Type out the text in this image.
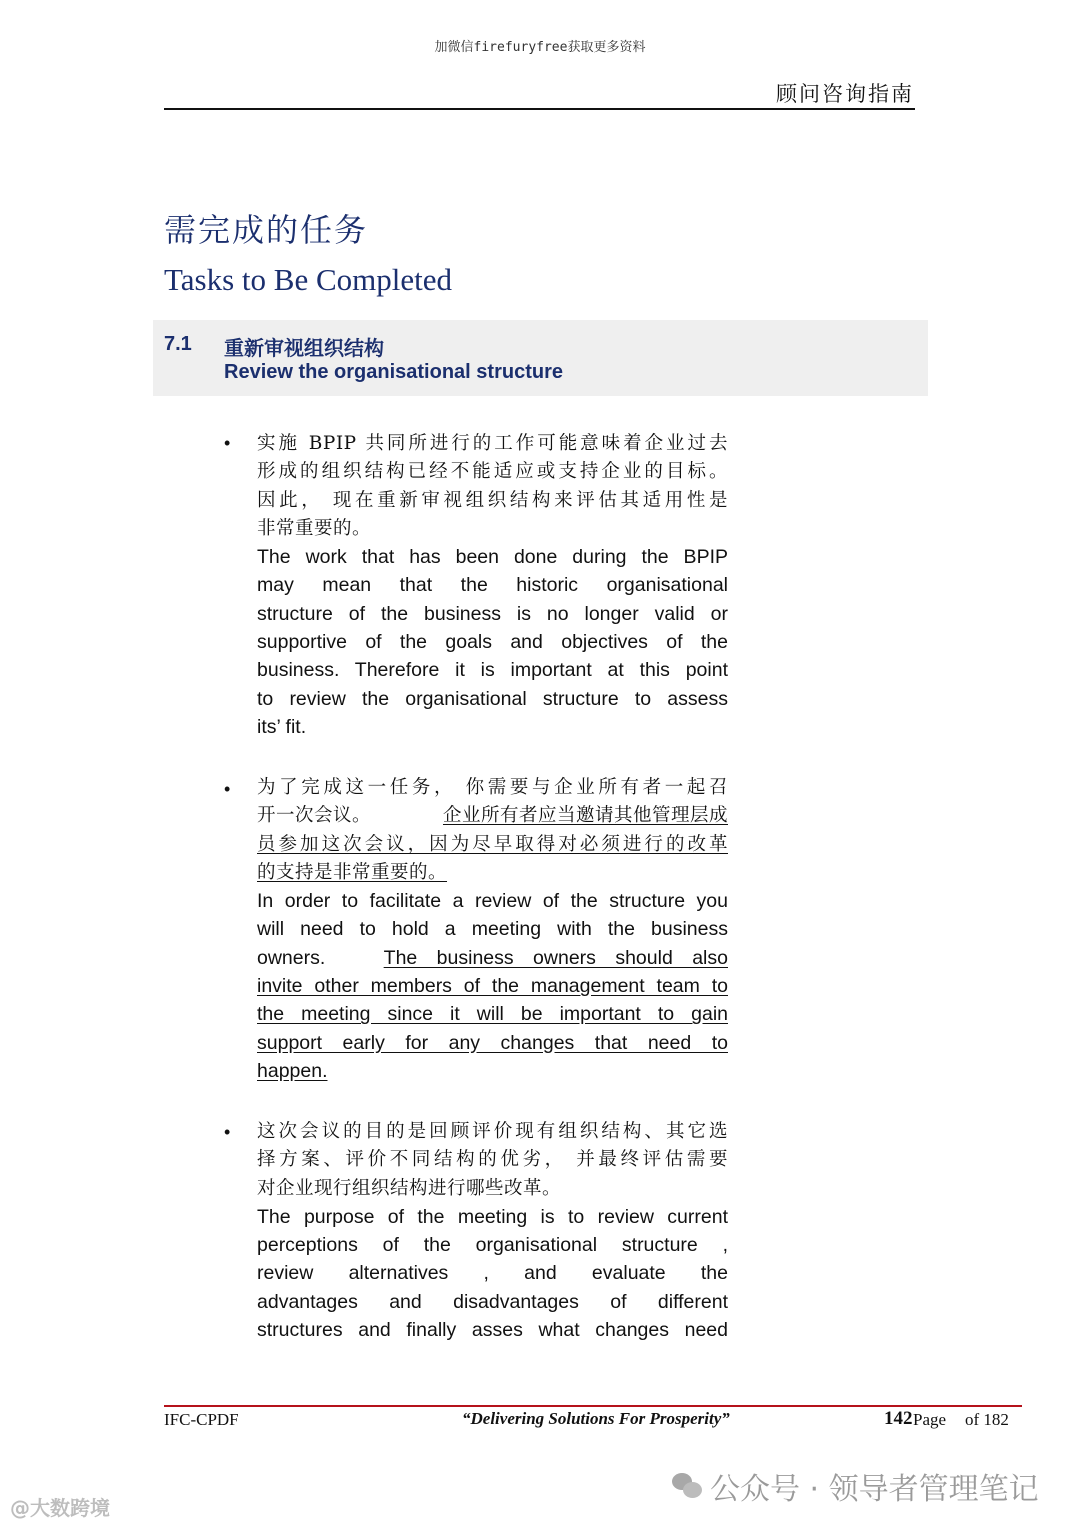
加微信firefuryfree获取更多资料
顾问咨询指南
需完成的任务
Tasks to Be Completed
7.1 重新审视组织结构
Review the organisational structure
• 实施 BPIP 共同所进行的工作可能意味着企业过去
形成的组织结构已经不能适应或支持企业的目标。
因此， 现在重新审视组织结构来评估其适用性是
非常重要的。
The work that has been done during the BPIP
may mean that the historic organisational
structure of the business is no longer valid or
supportive of the goals and objectives of the
business. Therefore it is important at this point
to review the organisational structure to assess
its’ fit.
• 为了完成这一任务， 你需要与企业所有者一起召
开一次会议。	企业所有者应当邀请其他管理层成
员参加这次会议，因为尽早取得对必须进行的改革
的支持是非常重要的。
In order to facilitate a review of the structure you
will need to hold a meeting with the business
owners.	The business owners should also
invite other members of the management team to
the meeting since it will be important to gain
support early for any changes that need to
happen.
• 这次会议的目的是回顾评价现有组织结构、其它选
择方案、评价不同结构的优劣， 并最终评估需要
对企业现行组织结构进行哪些改革。
The purpose of the meeting is to review current
perceptions of the organisational structure ,
review alternatives , and evaluate the
advantages and disadvantages of different
structures and finally asses what changes need
IFC-CPDF	“Delivering Solutions For Prosperity”	142 Page of 182
公众号 · 领导者管理笔记
@大数跨境
